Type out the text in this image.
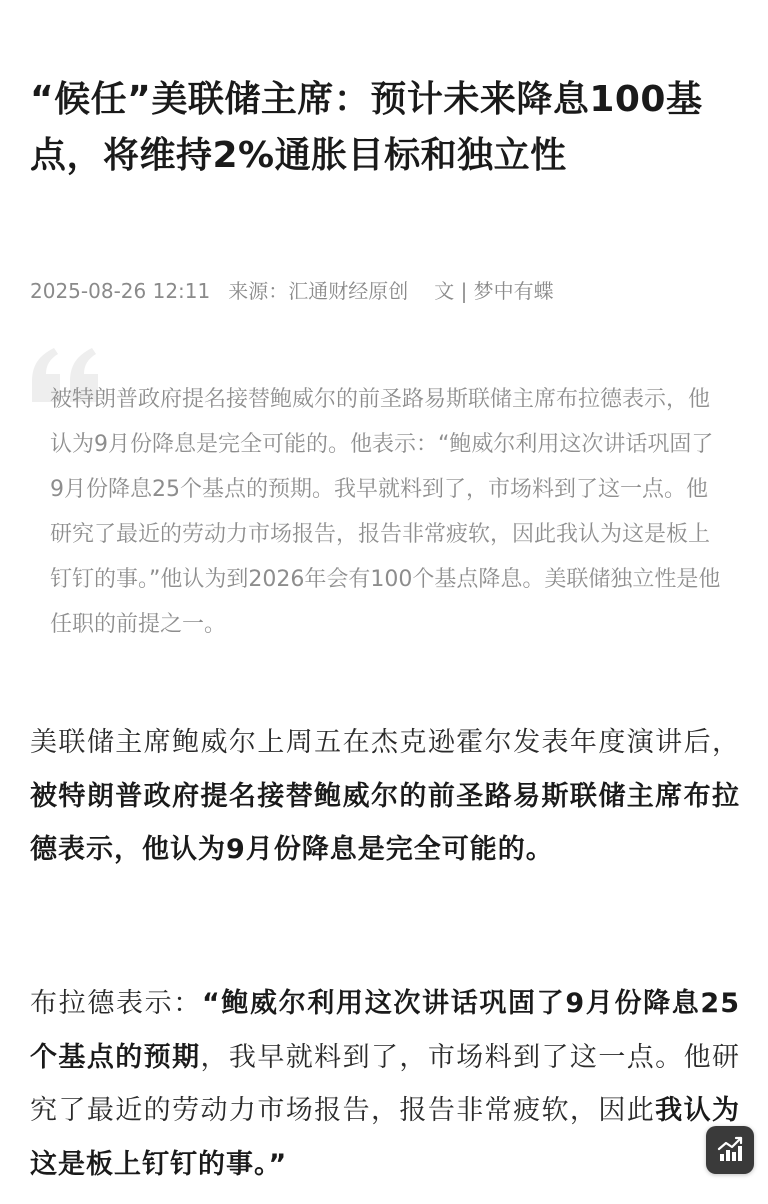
“候任”美联储主席：预计未来降息100基点，将维持2%通胀目标和独立性
2025-08-26 12:11 来源：汇通财经原创 文 | 梦中有蝶

被特朗普政府提名接替鲍威尔的前圣路易斯联储主席布拉德表示，他认为9月份降息是完全可能的。他表示：“鲍威尔利用这次讲话巩固了9月份降息25个基点的预期。我早就料到了，市场料到了这一点。他研究了最近的劳动力市场报告，报告非常疲软，因此我认为这是板上钉钉的事。”他认为到2026年会有100个基点降息。美联储独立性是他任职的前提之一。

美联储主席鲍威尔上周五在杰克逊霍尔发表年度演讲后，被特朗普政府提名接替鲍威尔的前圣路易斯联储主席布拉德表示，他认为9月份降息是完全可能的。

布拉德表示：“鲍威尔利用这次讲话巩固了9月份降息25个基点的预期，我早就料到了，市场料到了这一点。他研究了最近的劳动力市场报告，报告非常疲软，因此我认为这是板上钉钉的事。”
